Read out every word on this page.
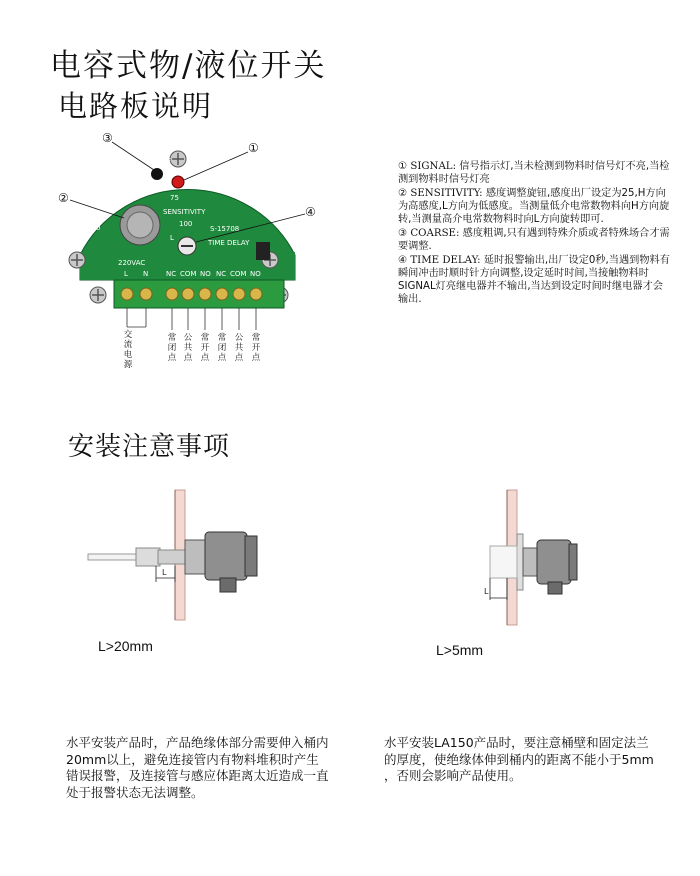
电容式物/液位开关
电路板说明
安装注意事项
COARSE
SIGNAL
SENSITIVITY
S-15708
TIME DELAY
220VAC
25
50
75
100
0
H
L
L N	NC COM NO NC COM NO
③
①
②
④
交流电源
常闭点
公共点
常开点
常闭点
公共点
常开点

① SIGNAL: 信号指示灯,当未检测到物料时信号灯不亮,当检测到物料时信号灯亮

② SENSITIVITY: 感度调整旋钮,感度出厂设定为25,H方向为高感度,L方向为低感度。当测量低介电常数物料向H方向旋转,当测量高介电常数物料时向L方向旋转即可.

③ COARSE: 感度粗调,只有遇到特殊介质或者特殊场合才需要调整.

④ TIME DELAY: 延时报警输出,出厂设定0秒,当遇到物料有瞬间冲击时顺时针方向调整,设定延时时间,当接触物料时SIGNAL灯亮继电器并不输出,当达到设定时间时继电器才会输出.

L
L>20mm
L
L>5mm
水平安装产品时，产品绝缘体部分需要伸入桶内20mm以上，避免连接管内有物料堆积时产生错误报警，及连接管与感应体距离太近造成一直处于报警状态无法调整。
水平安装LA150产品时，要注意桶壁和固定法兰的厚度，使绝缘体伸到桶内的距离不能小于5mm ，否则会影响产品使用。
